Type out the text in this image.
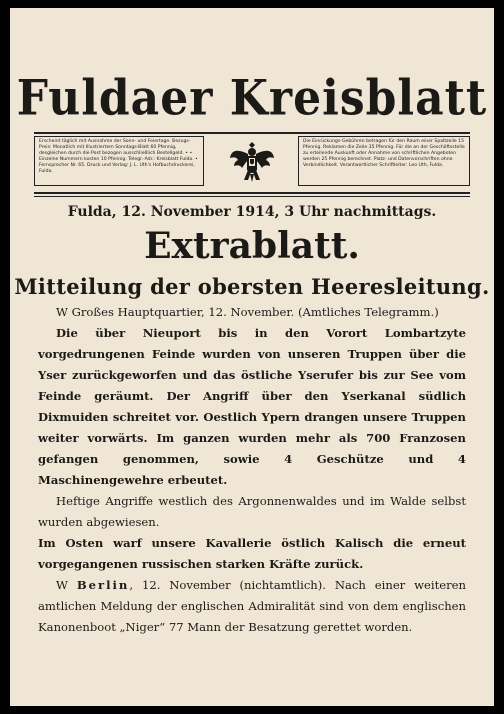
Fuldaer Kreisblatt
Erscheint täglich mit Ausnahme der Sonn- und Feiertage. Bezugs-Preis: Monatlich mit Illustriertem Sonntags-Blatt 60 Pfennig, desgleichen durch die Post bezogen ausschließlich Bestellgeld. • • Einzelne Nummern kosten 10 Pfennig. Telegr.-Adr.: Kreisblatt Fulda. • Fernsprecher Nr. 65. Druck und Verlag: J. L. Uth's Hofbuchdruckerei, Fulda.
Die Einrückungs-Gebühren betragen für den Raum einer Spaltzeile 15 Pfennig. Reklamen die Zeile 35 Pfennig. Für die an der Geschäftsstelle zu erteilende Auskunft oder Annahme von schriftlichen Angeboten werden 25 Pfennig berechnet. Platz- und Datenvorschriften ohne Verbindlichkeit. Verantwortlicher Schriftleiter: Leo Uth, Fulda.
Fulda, 12. November 1914, 3 Uhr nachmittags.
Extrablatt.
Mitteilung der obersten Heeresleitung.

W Großes Hauptquartier, 12. November. (Amtliches Telegramm.)

Die über Nieuport bis in den Vorort Lombartzyte vorgedrungenen Feinde wurden von unseren Truppen über die Yser zurückgeworfen und das östliche Yserufer bis zur See vom Feinde geräumt. Der Angriff über den Yserkanal südlich Dixmuiden schreitet vor. Oestlich Ypern drangen unsere Truppen weiter vorwärts. Im ganzen wurden mehr als 700 Franzosen gefangen genommen, sowie 4 Geschütze und 4 Maschinengewehre erbeutet.

Heftige Angriffe westlich des Argonnenwaldes und im Walde selbst wurden abgewiesen.

Im Osten warf unsere Kavallerie östlich Kalisch die erneut vorgegangenen russischen starken Kräfte zurück.

W Berlin, 12. November (nichtamtlich). Nach einer weiteren amtlichen Meldung der englischen Admiralität sind von dem englischen Kanonenboot „Niger“ 77 Mann der Besatzung gerettet worden.
